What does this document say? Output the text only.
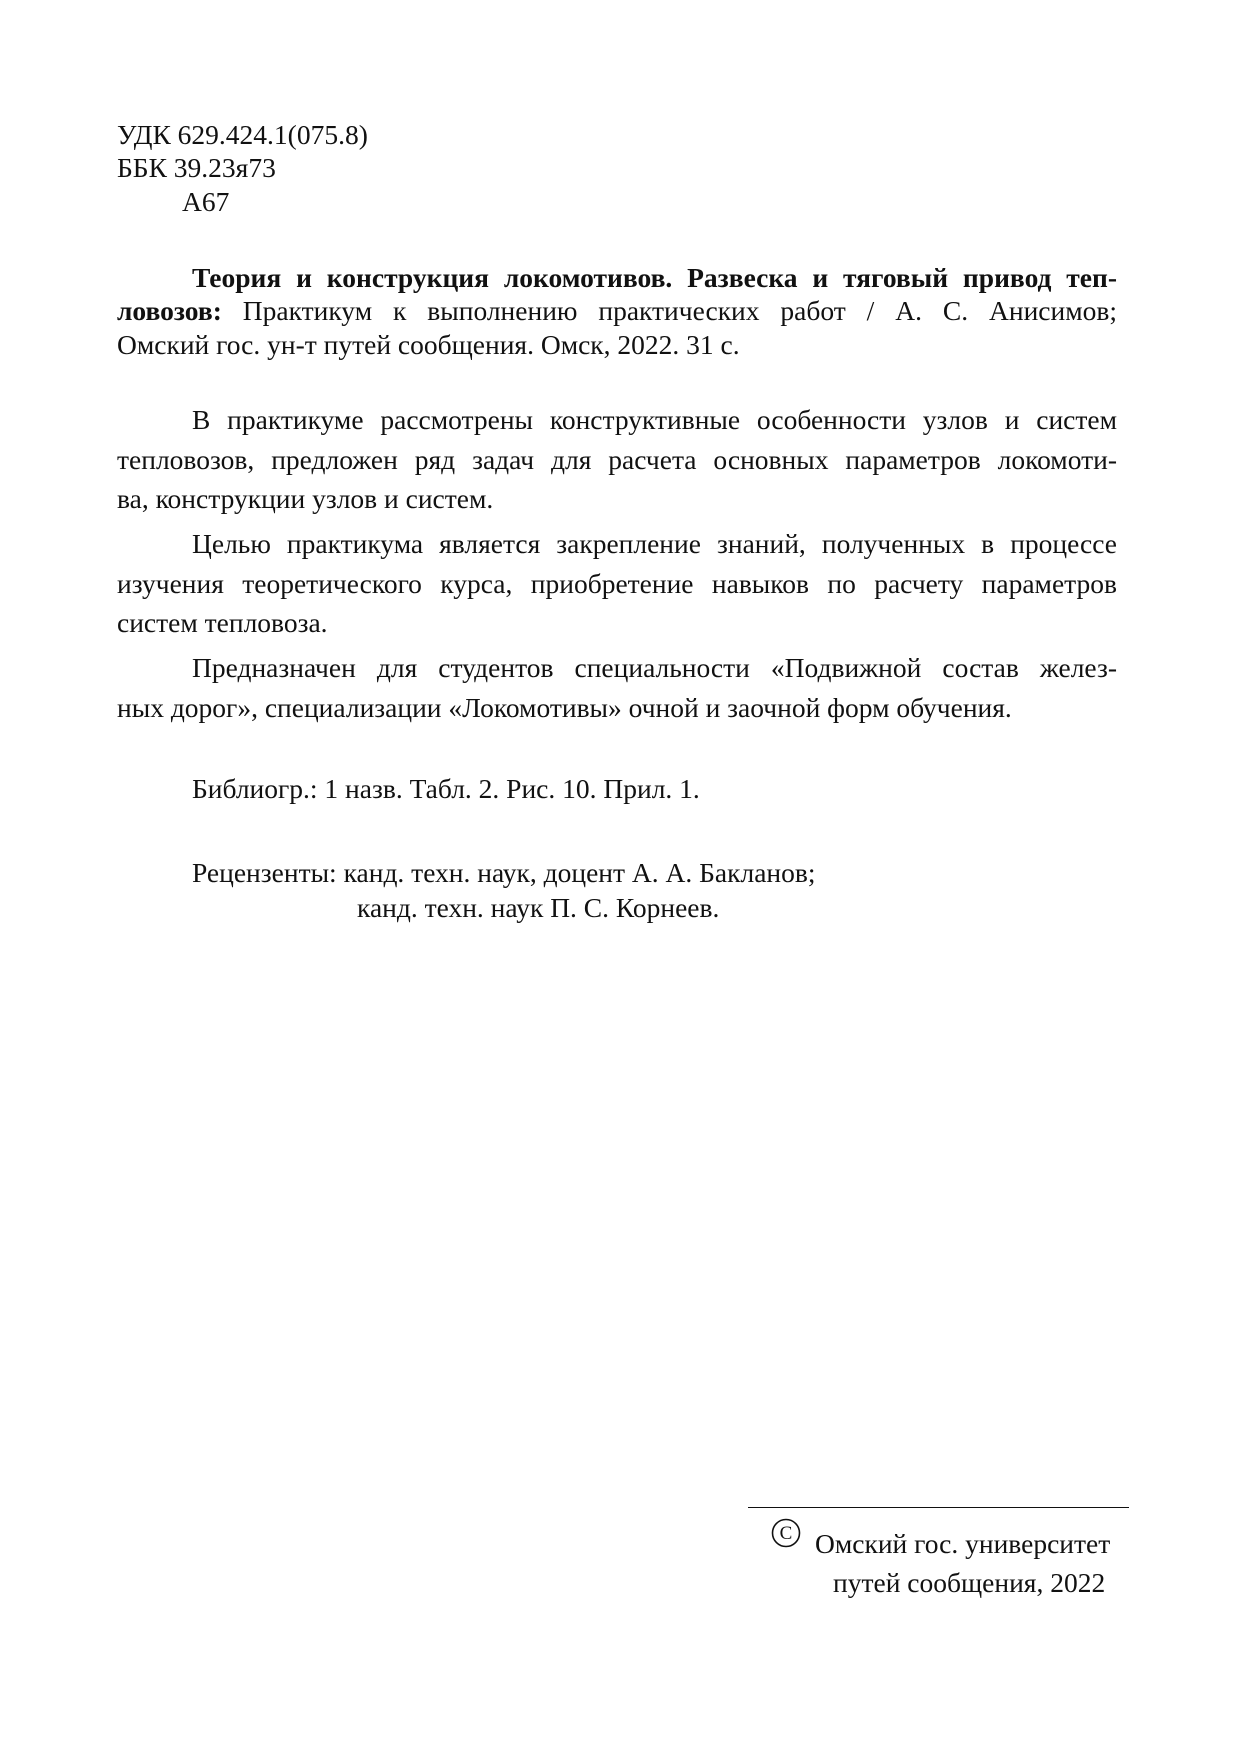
УДК 629.424.1(075.8)
ББК 39.23я73
А67
Теория и конструкция локомотивов. Развеска и тяговый привод теп-
ловозов: Практикум к выполнению практических работ / А. С. Анисимов;
Омский гос. ун-т путей сообщения. Омск, 2022. 31 с.
В практикуме рассмотрены конструктивные особенности узлов и систем
тепловозов, предложен ряд задач для расчета основных параметров локомоти-
ва, конструкции узлов и систем.
Целью практикума является закрепление знаний, полученных в процессе
изучения теоретического курса, приобретение навыков по расчету параметров
систем тепловоза.
Предназначен для студентов специальности «Подвижной состав желез-
ных дорог», специализации «Локомотивы» очной и заочной форм обучения.
Библиогр.: 1 назв. Табл. 2. Рис. 10. Прил. 1.
Рецензенты: канд. техн. наук, доцент А. А. Бакланов;
канд. техн. наук П. С. Корнеев.
C Омский гос. университет
путей сообщения, 2022
